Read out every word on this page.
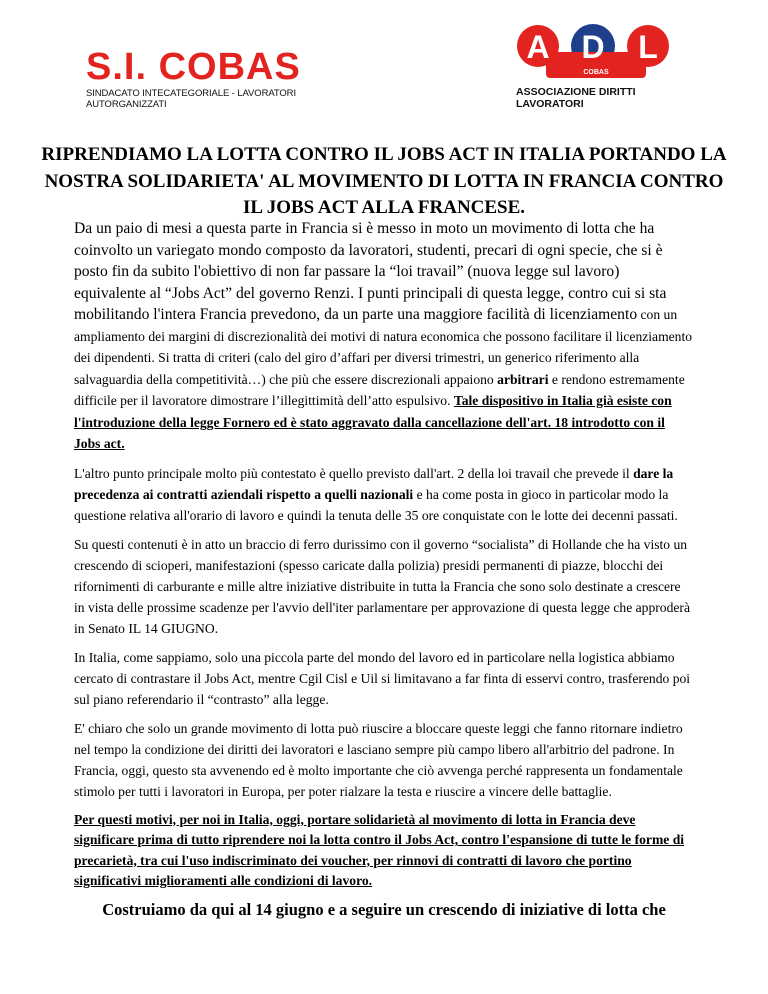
S.I. COBAS
SINDACATO INTECATEGORIALE - LAVORATORI AUTORGANIZZATI
A D L
COBAS
ASSOCIAZIONE DIRITTI LAVORATORI
RIPRENDIAMO LA LOTTA CONTRO IL JOBS ACT IN ITALIA PORTANDO LA NOSTRA SOLIDARIETA' AL MOVIMENTO DI LOTTA IN FRANCIA CONTRO IL JOBS ACT ALLA FRANCESE.

Da un paio di mesi a questa parte in Francia si è messo in moto un movimento di lotta che ha coinvolto un variegato mondo composto da lavoratori, studenti, precari di ogni specie, che si è posto fin da subito l'obiettivo di non far passare la “loi travail” (nuova legge sul lavoro) equivalente al “Jobs Act” del governo Renzi. I punti principali di questa legge, contro cui si sta mobilitando l'intera Francia prevedono, da un parte una maggiore facilità di licenziamento con un ampliamento dei margini di discrezionalità dei motivi di natura economica che possono facilitare il licenziamento dei dipendenti. Si tratta di criteri (calo del giro d’affari per diversi trimestri, un generico riferimento alla salvaguardia della competitività…) che più che essere discrezionali appaiono arbitrari e rendono estremamente difficile per il lavoratore dimostrare l’illegittimità dell’atto espulsivo. Tale dispositivo in Italia già esiste con l'introduzione della legge Fornero ed è stato aggravato dalla cancellazione dell'art. 18 introdotto con il Jobs act.

L'altro punto principale molto più contestato è quello previsto dall'art. 2 della loi travail che prevede il dare la precedenza ai contratti aziendali rispetto a quelli nazionali e ha come posta in gioco in particolar modo la questione relativa all'orario di lavoro e quindi la tenuta delle 35 ore conquistate con le lotte dei decenni passati.

Su questi contenuti è in atto un braccio di ferro durissimo con il governo “socialista” di Hollande che ha visto un crescendo di scioperi, manifestazioni (spesso caricate dalla polizia) presidi permanenti di piazze, blocchi dei rifornimenti di carburante e mille altre iniziative distribuite in tutta la Francia che sono solo destinate a crescere in vista delle prossime scadenze per l'avvio dell'iter parlamentare per approvazione di questa legge che approderà in Senato IL 14 GIUGNO.

In Italia, come sappiamo, solo una piccola parte del mondo del lavoro ed in particolare nella logistica abbiamo cercato di contrastare il Jobs Act, mentre Cgil Cisl e Uil si limitavano a far finta di esservi contro, trasferendo poi sul piano referendario il “contrasto” alla legge.

E' chiaro che solo un grande movimento di lotta può riuscire a bloccare queste leggi che fanno ritornare indietro nel tempo la condizione dei diritti dei lavoratori e lasciano sempre più campo libero all'arbitrio del padrone. In Francia, oggi, questo sta avvenendo ed è molto importante che ciò avvenga perché rappresenta un fondamentale stimolo per tutti i lavoratori in Europa, per poter rialzare la testa e riuscire a vincere delle battaglie.

Per questi motivi, per noi in Italia, oggi, portare solidarietà al movimento di lotta in Francia deve significare prima di tutto riprendere noi la lotta contro il Jobs Act, contro l'espansione di tutte le forme di precarietà, tra cui l'uso indiscriminato dei voucher, per rinnovi di contratti di lavoro che portino significativi miglioramenti alle condizioni di lavoro.

Costruiamo da qui al 14 giugno e a seguire un crescendo di iniziative di lotta che
